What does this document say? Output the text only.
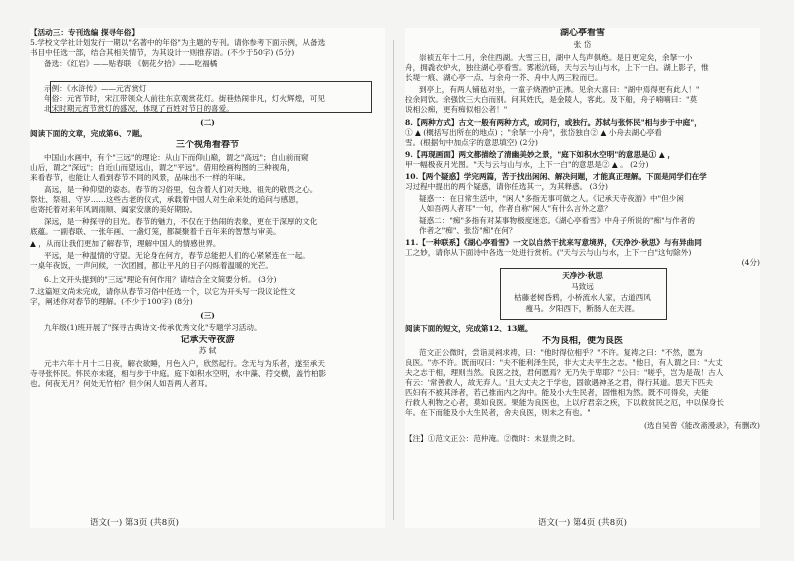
【活动三：专刊选编 探寻年俗】
5.学校文学社计划发行一期以"名著中的年俗"为主题的专刊。请你参考下面示例，从备选
书目中任选一部，结合其相关情节，为其设计一则推荐语。(不少于50字) (5分)
备选：《红岩》——贴春联 《朝花夕拾》——吃福橘
示例：《水浒传》——元宵赏灯
年俗：元宵节时，宋江带领众人前往东京观赏花灯。街巷热闹非凡，灯火辉煌，可见
北宋时期元宵节赏灯的盛况，体现了百姓对节日的喜爱。
(二)
阅读下面的文章，完成第6、7题。
三个视角看春节
中国山水画中，有个"三远"的理论：从山下而仰山巅，谓之"高远"；自山前而窥
山后，谓之"深远"；自近山而望远山，谓之"平远"。借用绘画构图的三种视角，
来看春节，也能让人看到春节不同的风景，品味出不一样的年味。
高远，是一种仰望的姿态。春节的习俗里，包含着人们对天地、祖先的敬畏之心。
祭灶、祭祖、守岁……这些古老的仪式，承载着中国人对生命来处的追问与感恩，
也寄托着对来年风调雨顺、阖家安康的美好期盼。
深远，是一种探寻的目光。春节的魅力，不仅在于热闹的表象，更在于深厚的文化
底蕴。一副春联、一张年画、一盏灯笼，都凝聚着千百年来的智慧与审美。
▲ ，从而让我们更加了解春节，理解中国人的情感世界。
平远，是一种温情的守望。无论身在何方，春节总能把人们的心紧紧连在一起。
一桌年夜饭，一声问候，一次团圆，都让平凡的日子闪烁着温暖的光芒。
6.上文开头提到的"三远"理论有何作用？请结合全文简要分析。 (3分)
7.这篇短文尚未完成，请你从春节习俗中任选一个，以它为开头写一段议论性文
字，阐述你对春节的理解。(不少于100字) (8分)
(三)
九年级(1)班开展了"探寻古典诗文·传承优秀文化"专题学习活动。
记承天寺夜游
苏 轼
元丰六年十月十二日夜，解衣欲睡，月色入户，欣然起行。念无与为乐者，遂至承天
寺寻张怀民。怀民亦未寝，相与步于中庭。庭下如积水空明，水中藻、荇交横，盖竹柏影
也。何夜无月？何处无竹柏？但少闲人如吾两人者耳。
语文(一) 第3页 (共8页)
湖心亭看雪
张 岱
崇祯五年十二月，余住西湖。大雪三日，湖中人鸟声俱绝。是日更定矣，余拏一小
舟，拥毳衣炉火，独往湖心亭看雪。雾凇沆砀，天与云与山与水，上下一白。湖上影子，惟
长堤一痕、湖心亭一点、与余舟一芥、舟中人两三粒而已。
到亭上，有两人铺毡对坐，一童子烧酒炉正沸。见余大喜曰："湖中焉得更有此人！"
拉余同饮。余强饮三大白而别。问其姓氏，是金陵人，客此。及下船，舟子喃喃曰："莫
说相公痴，更有痴似相公者！"
8.【两种方式】古文一般有两种方式，或同行，或独行。苏轼与张怀民"相与步于中庭"，
① ▲ (概括写出所在的地点) ；"余拏一小舟"，张岱独自② ▲ 小舟去湖心亭看
雪。(根据句中加点字的意思填空) (2分)
9.【再现画面】两文都描绘了清幽美妙之景，"庭下如积水空明"的意思是① ▲ ，
甲一幅极夜月光图。"天与云与山与水，上下一白"的意思是② ▲ 。 (2分)
10.【两个疑惑】学完两篇，苦于找出闲闲、解决问题，才能真正理解。下面是同学们在学
习过程中提出的两个疑惑，请你任选其一，为其释惑。 (3分)
疑惑一：在日常生活中，"闲人"多指无事可做之人。《记承天寺夜游》中"但少闲
人如吾两人者耳"一句，作者自称"闲人"有什么言外之意？
疑惑二："痴"多指有对某事物极度迷恋。《湖心亭看雪》中舟子所说的"痴"与作者的
作者之"痴"、张岱"痴"在何？
11.【一种联系】《湖心亭看雪》一文以自然干扰来写意境界，《天净沙·秋思》与有异曲同
工之妙，请你从下面诗中各选一处进行赏析。("天与云与山与水，上下一白"这句除外)
(4分)
天净沙·秋思
马致远
枯藤老树昏鸦，小桥流水人家，古道西风
瘦马。夕阳西下，断肠人在天涯。
阅读下面的短文，完成第12、13题。
不为良相，便为良医
范文正公微时，尝诣灵祠求祷，曰："他时得位相乎？"不许。复祷之曰："不然，愿为
良医。"亦不许。既而叹曰："夫不能利泽生民，非大丈夫平生之志。"他日，有人谓之曰："大丈
夫之志于相，理则当然。良医之技，君何愿焉？无乃失于卑耶？"公曰："嗟乎，岂为是哉！古人
有云：'常善救人，故无弃人。'且大丈夫之于学也，固欲遇神圣之君，得行其道。思天下匹夫
匹妇有不被其泽者，若己推而内之沟中。能及小大生民者，固惟相为然。既不可得矣，夫能
行救人利物之心者，莫如良医。果能为良医也，上以疗君亲之疾，下以救贫民之厄，中以保身长
年。在下而能及小大生民者，舍夫良医，则未之有也。"
(选自吴曾《能改斋漫录》，有删改)
【注】①范文正公：范仲淹。②微时：未显贵之时。
语文(一) 第4页 (共8页)
